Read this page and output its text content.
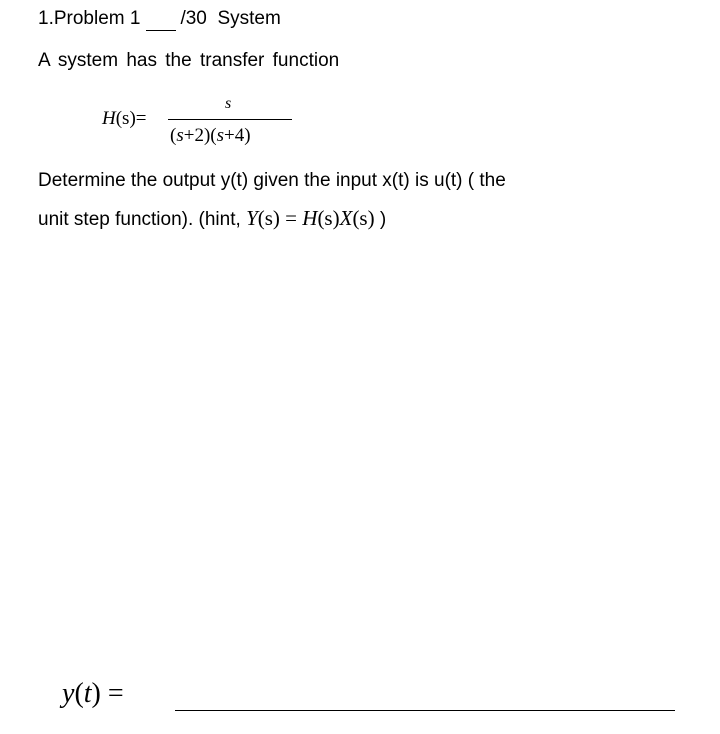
1.Problem 1 /30 System
A system has the transfer function
H(s)=
s
(s+2)(s+4)
Determine the output y(t) given the input x(t) is u(t) ( the
unit step function). (hint, Y(s) = H(s)X(s) )
y(t) =
